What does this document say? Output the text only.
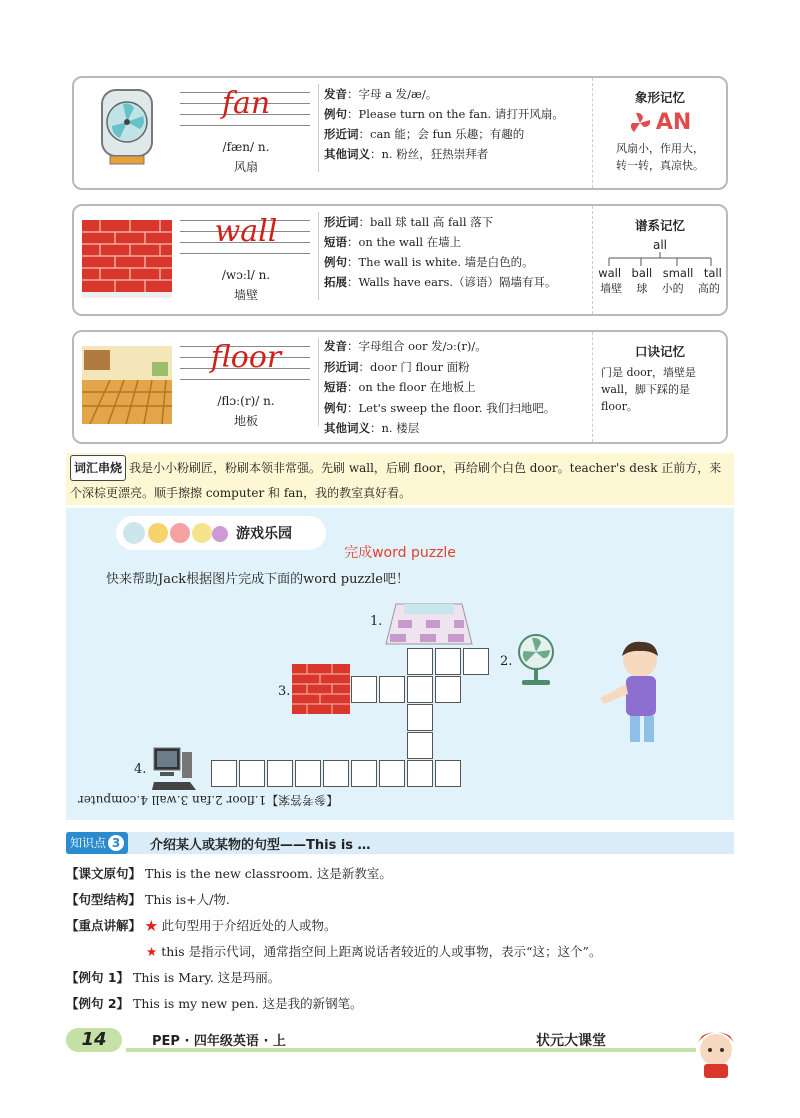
fan
/fæn/ n.
风扇
发音：字母 a 发/æ/。
例句：Please turn on the fan. 请打开风扇。
形近词：can 能；会 fun 乐趣；有趣的
其他词义：n. 粉丝，狂热崇拜者
象形记忆
AN
风扇小，作用大，
转一转，真凉快。
wall
/wɔːl/ n.
墙壁
形近词：ball 球 tall 高 fall 落下
短语：on the wall 在墙上
例句：The wall is white. 墙是白色的。
拓展：Walls have ears.（谚语）隔墙有耳。
谱系记忆
all
wall ball small tall
墙壁 球 小的 高的
floor
/flɔː(r)/ n.
地板
发音：字母组合 oor 发/ɔː(r)/。
形近词：door 门 flour 面粉
短语：on the floor 在地板上
例句：Let's sweep the floor. 我们扫地吧。
其他词义：n. 楼层
口诀记忆
门是 door，墙壁是
wall，脚下踩的是
floor。
词汇串烧 我是小小粉刷匠，粉刷本领非常强。先刷 wall，后刷 floor，再给刷个白色 door。teacher's desk 正前方，来个深棕更漂亮。顺手擦擦 computer 和 fan，我的教室真好看。
游戏乐园
完成word puzzle
快来帮助Jack根据图片完成下面的word puzzle吧！
1.
2.
3.
4.
【参考答案】1.floor 2.fan 3.wall 4.computer
知识点 3	介绍某人或某物的句型——This is …
【课文原句】 This is the new classroom. 这是新教室。
【句型结构】 This is+人/物.
【重点讲解】 ★ 此句型用于介绍近处的人或物。
★ this 是指示代词，通常指空间上距离说话者较近的人或事物，表示“这；这个”。
【例句 1】 This is Mary. 这是玛丽。
【例句 2】 This is my new pen. 这是我的新钢笔。
14	PEP · 四年级英语 · 上	状元大课堂
